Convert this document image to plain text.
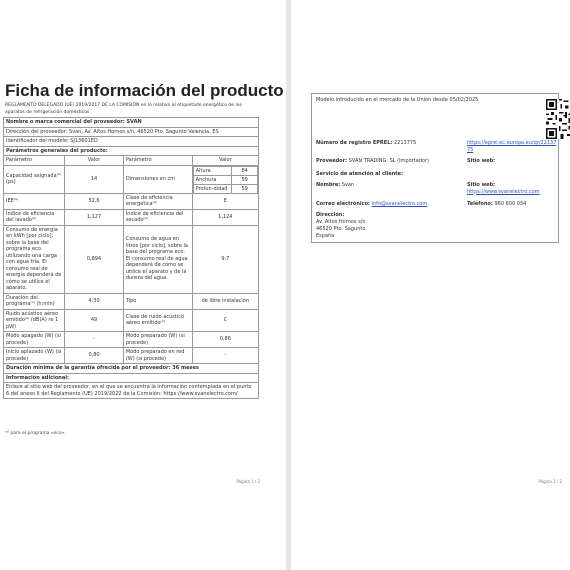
Ficha de información del producto
REGLAMENTO DELEGADO (UE) 2019/2017 DE LA COMISIÓN en lo relativo al etiquetado energético de los aparatos de refrigeración domésticos
Nombre o marca comercial del proveedor: SVAN
Dirección del proveedor: Svan, Av. Altos Hornos s/n, 46520 Pto. Sagunto Valencia, ES
Identificador del modelo: SJ13601ED
Parámetros generales del producto:
Parámetro	Valor	Parámetro	Valor
Capacidad asignada⁽ᵃ⁾ (ps)	14	Dimensiones en cm	
Altura	84
Anchura	59
Profun-didad	59

IEE⁽ᵃ⁾	52,6	Clase de eficiencia energética⁽ᵃ⁾	E
Índice de eficiencia del lavado⁽ᵃ⁾	1,127	Índice de eficiencia del secado⁽ᵃ⁾	1,124
Consumo de energía en kWh [por ciclo], sobre la base del programa eco utilizando una carga con agua fría. El consumo real de energía dependerá de cómo se utilice el aparato.	0,894	Consumo de agua en litros [por ciclo], sobre la base del programa eco. El consumo real de agua dependerá de cómo se utilice el aparato y de la dureza del agua.	9,7
Duración del programa⁽ᵃ⁾ (h:min)	4:30	Tipo	de libre instalación
Ruido acústico aéreo emitido⁽ᵃ⁾ (dB(A) re 1 pW)	49	Clase de ruido acústico aéreo emitido⁽ᵃ⁾	C
Modo apagado (W) (si procede)	-	Modo preparado (W) (si procede)	0,86
Inicio aplazado (W) (si procede)	0,80	Modo preparado en red (W) (si procede)	-
Duración mínima de la garantía ofrecida por el proveedor: 36 meses
Información adicional:
Enlace al sitio web del proveedor, en el que se encuentra la información contemplada en el punto 6 del anexo II del Reglamento (UE) 2019/2022 de la Comisión: https://www.svanelectro.com/
⁽ᵃ⁾ para el programa «eco».
Página 1 / 2
Modelo introducido en el mercado de la Unión desde 05/02/2025
Número de registro EPREL: 2213775	https://eprel.ec.europa.eu/qr/2213775
Proveedor: SVAN TRADING. SL (Importador)	Sitio web:
Servicio de atención al cliente:
Nombre: Svan	Sitio web: https://www.svanelectro.com
Correo electrónico: info@svanelectro.com	Teléfono: 960 600 034
Dirección:
Av. Altos Hornos s/n
46520 Pto. Sagunto
España
Página 2 / 2
